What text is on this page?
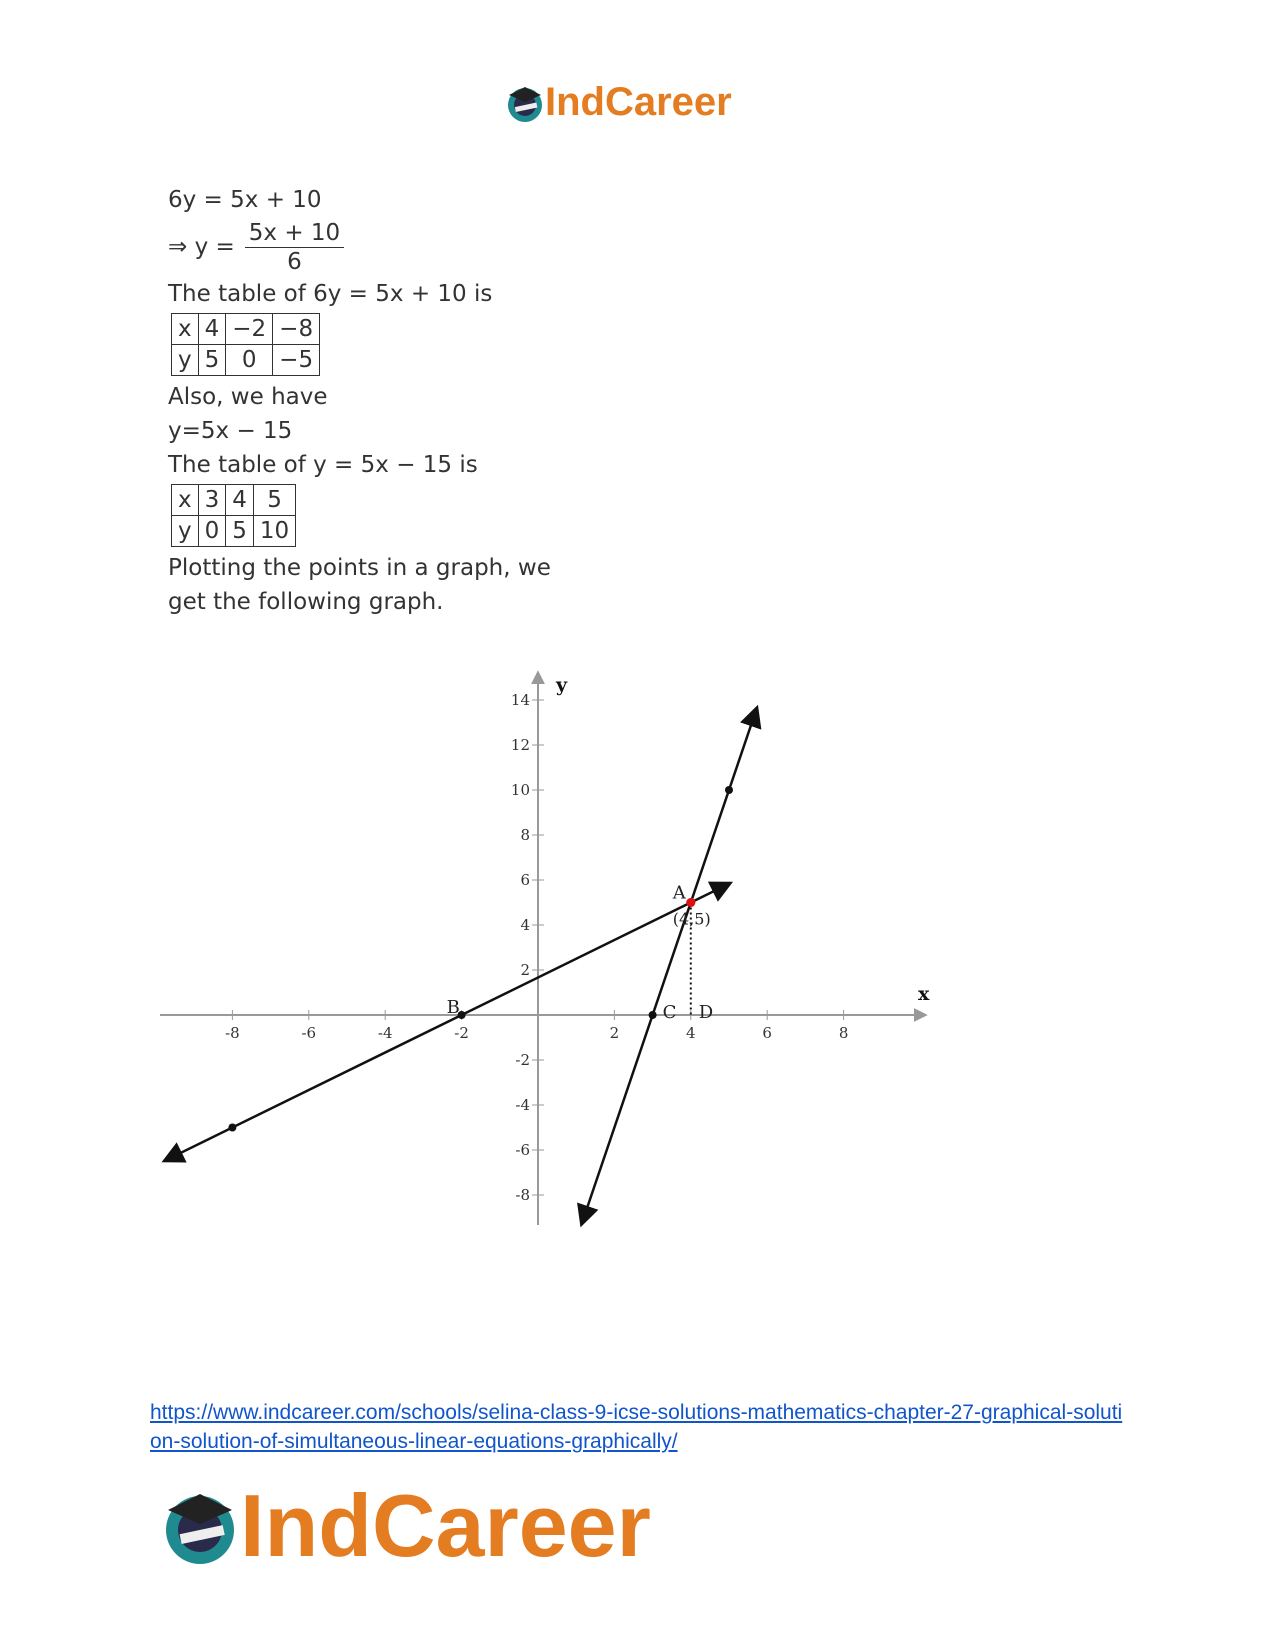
IndCareer
6y = 5x + 10
⇒ $y = \frac{5x + 10}{6}$
The table of 6y = 5x + 10 is
x	4	−2	−8
y	5	0	−5
Also, we have
y=5x − 15
The table of y = 5x − 15 is
x	3	4	5
y	0	5	10
Plotting the points in a graph, we
get the following graph.
-8	-6	-4	-2	2	4	6	8
-8
-6
-4
-2
2
4
6
8
10
12
14
x
y
A
(4,5)
B	C D
https://www.indcareer.com/schools/selina-class-9-icse-solutions-mathematics-chapter-27-graphical-solution-solution-of-simultaneous-linear-equations-graphically/
IndCareer
